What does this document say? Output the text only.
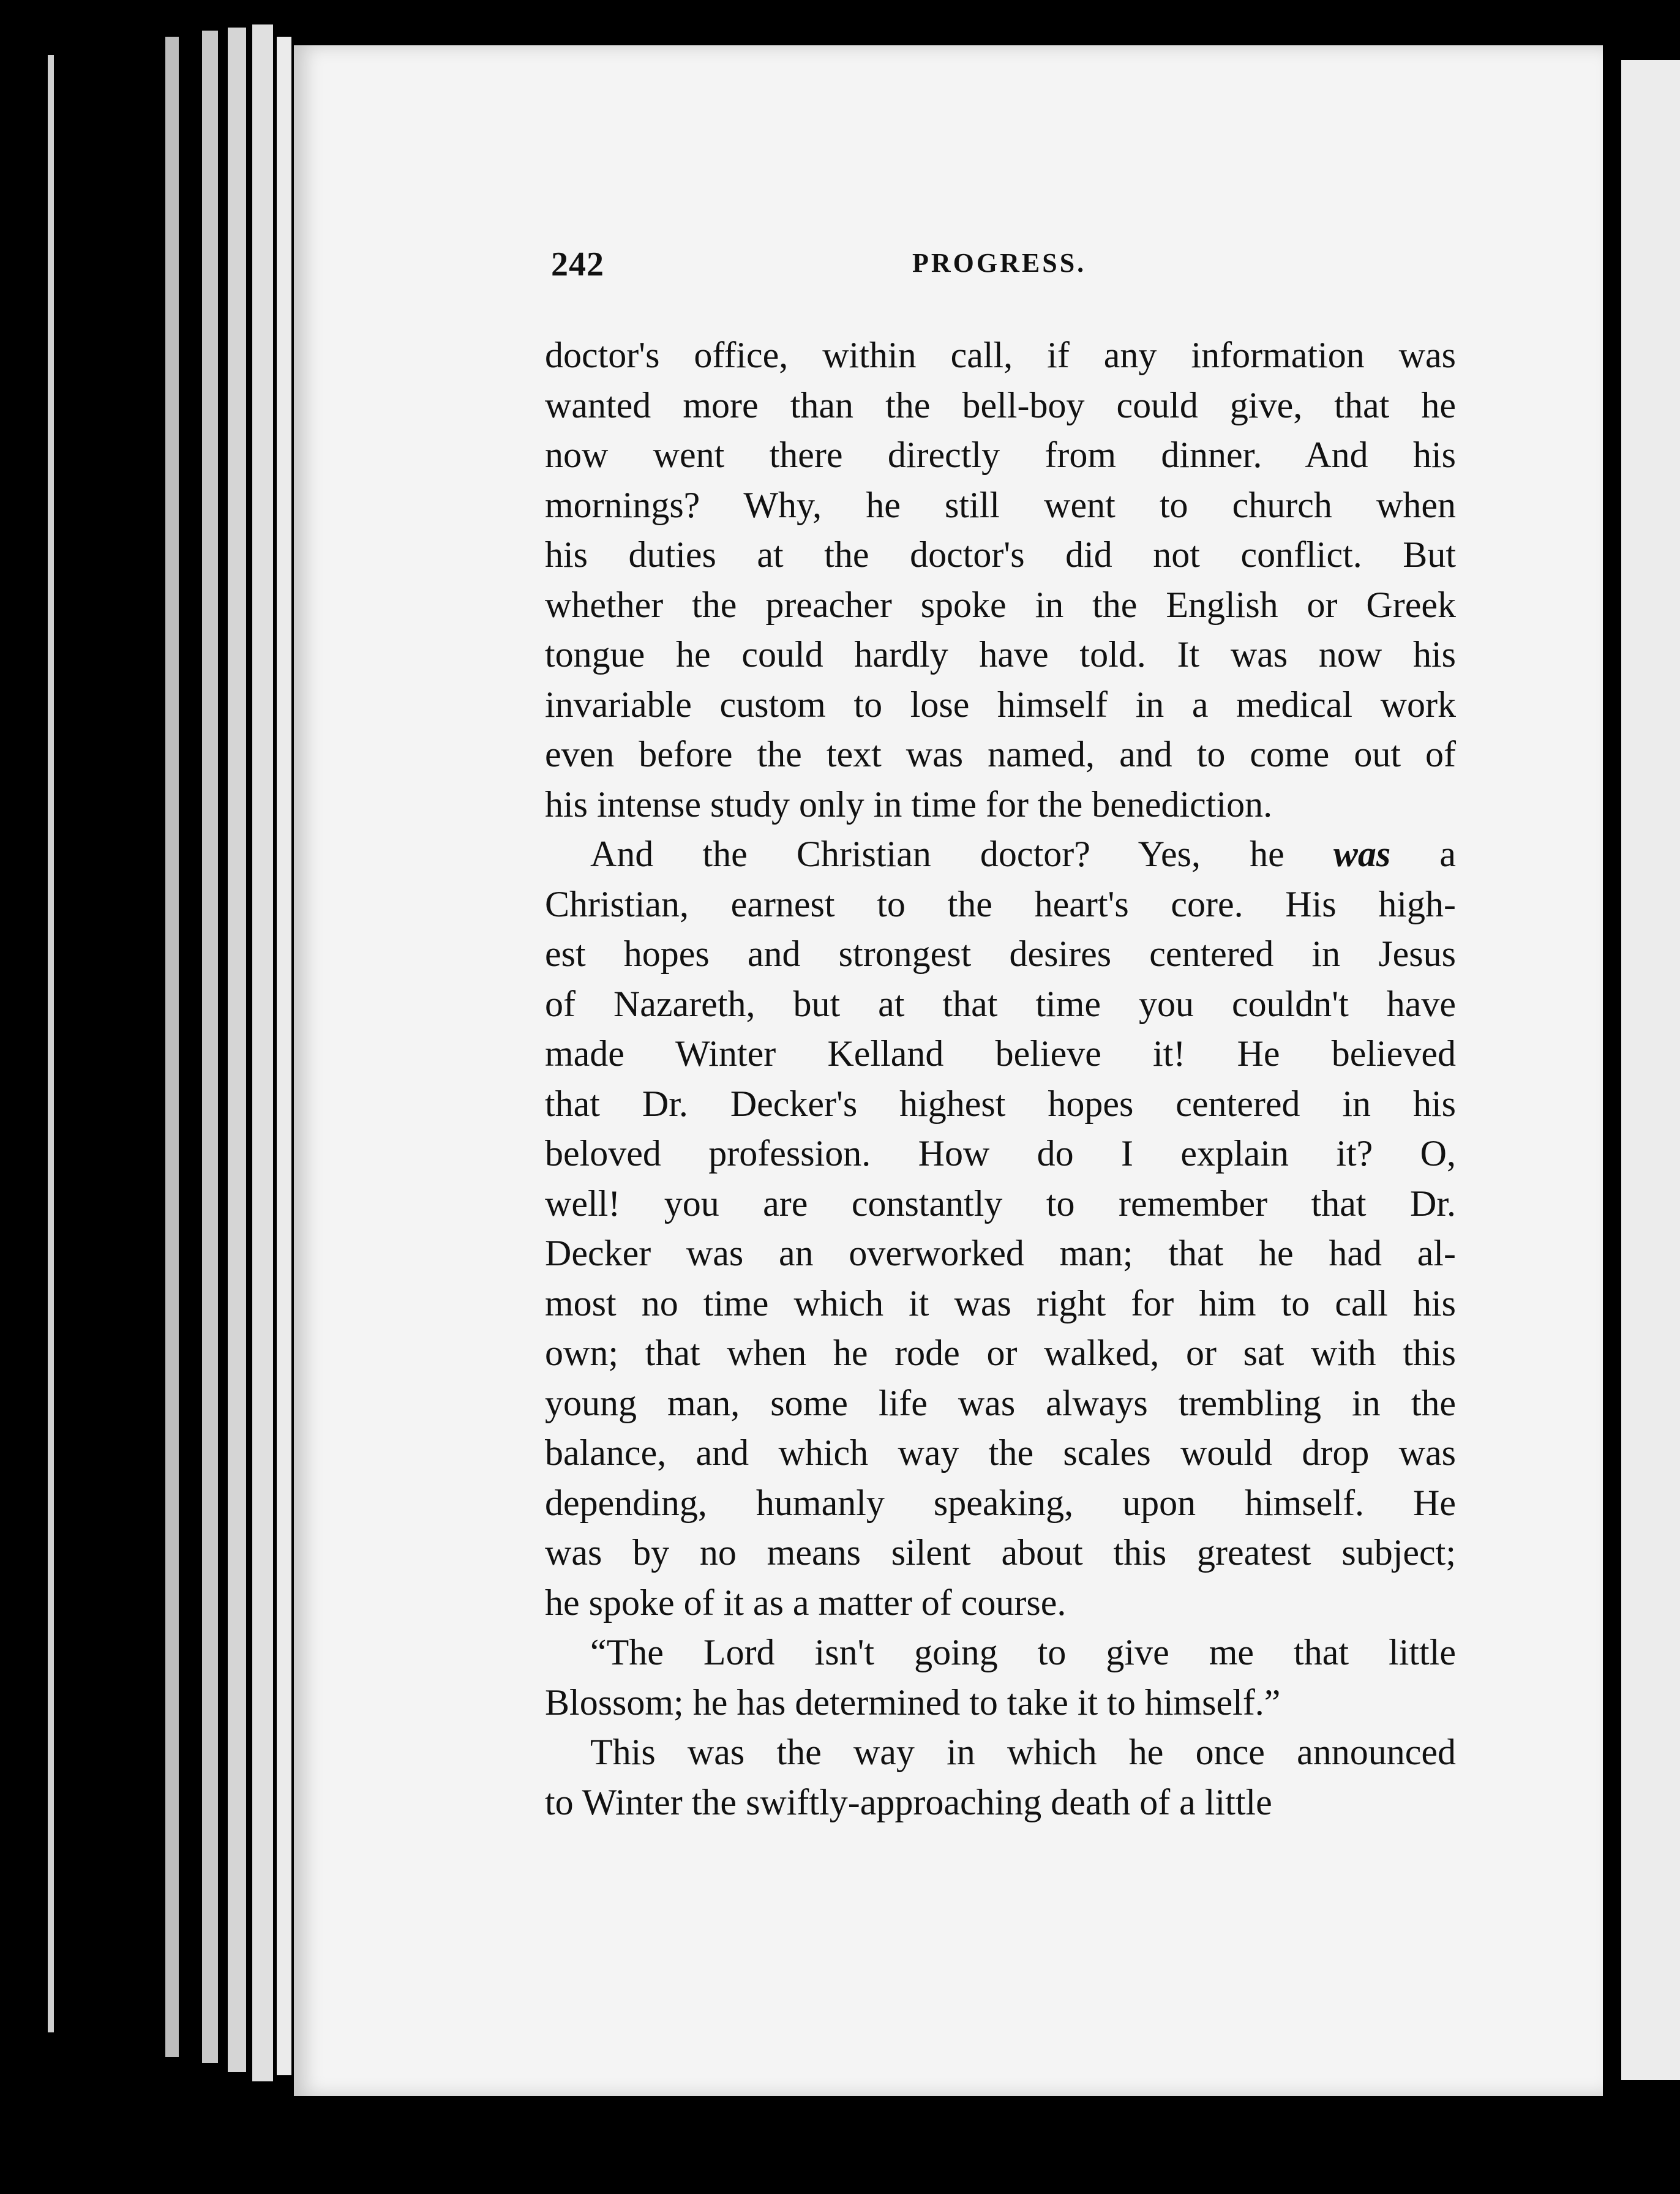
242	PROGRESS.
doctor's office, within call, if any information was
wanted more than the bell-boy could give, that he
now went there directly from dinner. And his
mornings? Why, he still went to church when
his duties at the doctor's did not conflict. But
whether the preacher spoke in the English or Greek
tongue he could hardly have told. It was now his
invariable custom to lose himself in a medical work
even before the text was named, and to come out of
his intense study only in time for the benediction.
And the Christian doctor? Yes, he was a
Christian, earnest to the heart's core. His high-
est hopes and strongest desires centered in Jesus
of Nazareth, but at that time you couldn't have
made Winter Kelland believe it! He believed
that Dr. Decker's highest hopes centered in his
beloved profession. How do I explain it? O,
well! you are constantly to remember that Dr.
Decker was an overworked man; that he had al-
most no time which it was right for him to call his
own; that when he rode or walked, or sat with this
young man, some life was always trembling in the
balance, and which way the scales would drop was
depending, humanly speaking, upon himself. He
was by no means silent about this greatest subject;
he spoke of it as a matter of course.
“The Lord isn't going to give me that little
Blossom; he has determined to take it to himself.”
This was the way in which he once announced
to Winter the swiftly-approaching death of a little
